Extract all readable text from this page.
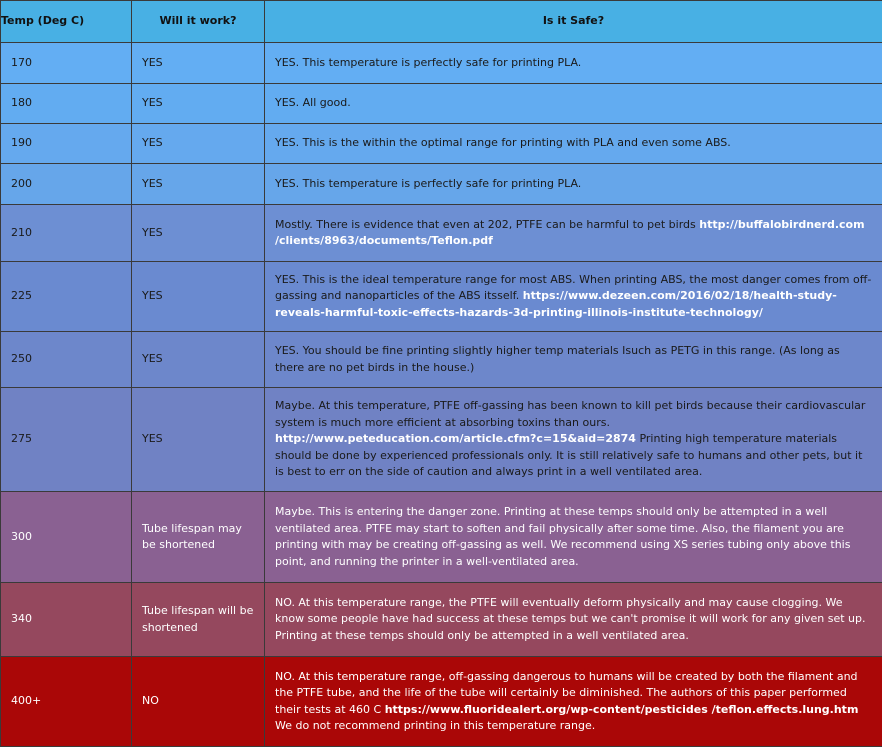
Temp (Deg C)	Will it work?	Is it Safe?
170	YES	YES. This temperature is perfectly safe for printing PLA.
180	YES	YES. All good.
190	YES	YES. This is the within the optimal range for printing with PLA and even some ABS.
200	YES	YES. This temperature is perfectly safe for printing PLA.
210	YES	Mostly. There is evidence that even at 202, PTFE can be harmful to pet birds http://buffalobirdnerd.com /clients/8963/documents/Teflon.pdf
225	YES	YES. This is the ideal temperature range for most ABS. When printing ABS, the most danger comes from off-gassing and nanoparticles of the ABS itsself. https://www.dezeen.com/2016/02/18/health-study-reveals-harmful-toxic-effects-hazards-3d-printing-illinois-institute-technology/
250	YES	YES. You should be fine printing slightly higher temp materials Isuch as PETG in this range. (As long as there are no pet birds in the house.)
275	YES	Maybe. At this temperature, PTFE off-gassing has been known to kill pet birds because their cardiovascular system is much more efficient at absorbing toxins than ours. http://www.peteducation.com/article.cfm?c=15&aid=2874 Printing high temperature materials should be done by experienced professionals only. It is still relatively safe to humans and other pets, but it is best to err on the side of caution and always print in a well ventilated area.
300	Tube lifespan may be shortened	Maybe. This is entering the danger zone. Printing at these temps should only be attempted in a well ventilated area. PTFE may start to soften and fail physically after some time. Also, the filament you are printing with may be creating off-gassing as well. We recommend using XS series tubing only above this point, and running the printer in a well-ventilated area.
340	Tube lifespan will be shortened	NO. At this temperature range, the PTFE will eventually deform physically and may cause clogging. We know some people have had success at these temps but we can't promise it will work for any given set up. Printing at these temps should only be attempted in a well ventilated area.
400+	NO	NO. At this temperature range, off-gassing dangerous to humans will be created by both the filament and the PTFE tube, and the life of the tube will certainly be diminished. The authors of this paper performed their tests at 460 C https://www.fluoridealert.org/wp-content/pesticides /teflon.effects.lung.htm We do not recommend printing in this temperature range.
